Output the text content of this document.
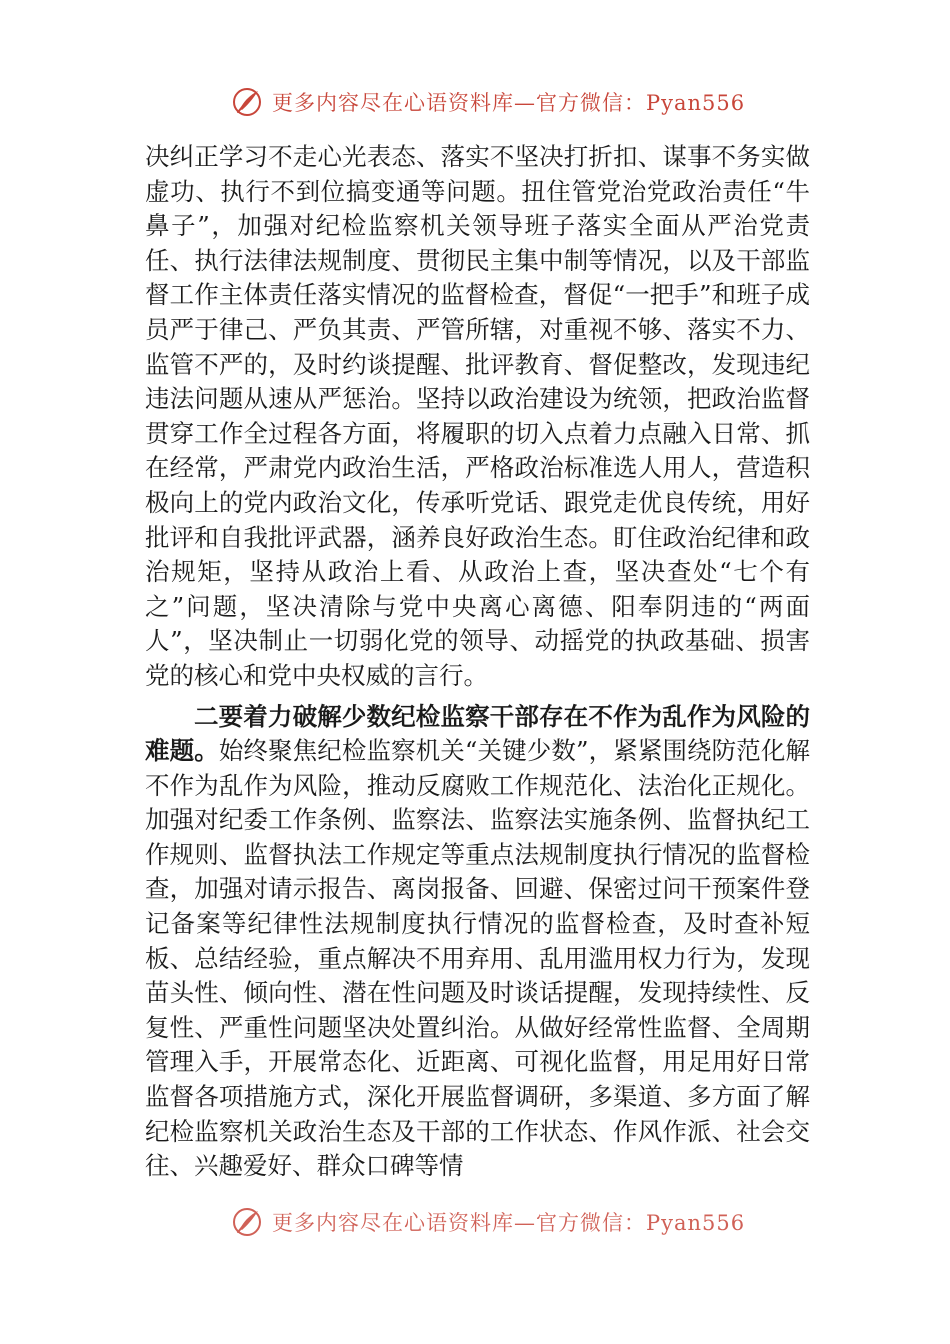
更多内容尽在心语资料库—官方微信：Pyan556

决纠正学习不走心光表态、落实不坚决打折扣、谋事不务实做虚功、执行不到位搞变通等问题。扭住管党治党政治责任“牛鼻子”，加强对纪检监察机关领导班子落实全面从严治党责任、执行法律法规制度、贯彻民主集中制等情况，以及干部监督工作主体责任落实情况的监督检查，督促“一把手”和班子成员严于律己、严负其责、严管所辖，对重视不够、落实不力、监管不严的，及时约谈提醒、批评教育、督促整改，发现违纪违法问题从速从严惩治。坚持以政治建设为统领，把政治监督贯穿工作全过程各方面，将履职的切入点着力点融入日常、抓在经常，严肃党内政治生活，严格政治标准选人用人，营造积极向上的党内政治文化，传承听党话、跟党走优良传统，用好批评和自我批评武器，涵养良好政治生态。盯住政治纪律和政治规矩，坚持从政治上看、从政治上查，坚决查处“七个有之”问题，坚决清除与党中央离心离德、阳奉阴违的“两面人”，坚决制止一切弱化党的领导、动摇党的执政基础、损害党的核心和党中央权威的言行。

二要着力破解少数纪检监察干部存在不作为乱作为风险的难题。始终聚焦纪检监察机关“关键少数”，紧紧围绕防范化解不作为乱作为风险，推动反腐败工作规范化、法治化正规化。加强对纪委工作条例、监察法、监察法实施条例、监督执纪工作规则、监督执法工作规定等重点法规制度执行情况的监督检查，加强对请示报告、离岗报备、回避、保密过问干预案件登记备案等纪律性法规制度执行情况的监督检查，及时查补短板、总结经验，重点解决不用弃用、乱用滥用权力行为，发现苗头性、倾向性、潜在性问题及时谈话提醒，发现持续性、反复性、严重性问题坚决处置纠治。从做好经常性监督、全周期管理入手，开展常态化、近距离、可视化监督，用足用好日常监督各项措施方式，深化开展监督调研，多渠道、多方面了解纪检监察机关政治生态及干部的工作状态、作风作派、社会交往、兴趣爱好、群众口碑等情

更多内容尽在心语资料库—官方微信：Pyan556
